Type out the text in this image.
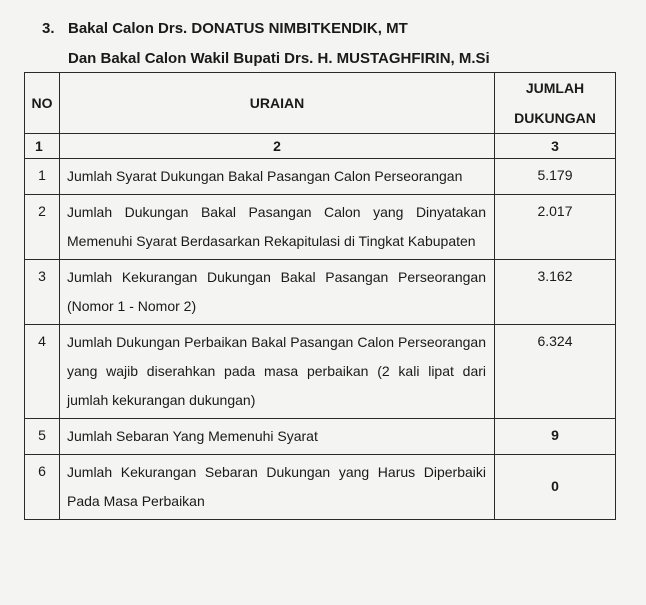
3. Bakal Calon Drs. DONATUS NIMBITKENDIK, MT
Dan Bakal Calon Wakil Bupati Drs. H. MUSTAGHFIRIN, M.Si
NO	URAIAN	JUMLAH
DUKUNGAN

1	2	3
1	Jumlah Syarat Dukungan Bakal Pasangan Calon Perseorangan	5.179
2	Jumlah Dukungan Bakal Pasangan Calon yang Dinyatakan Memenuhi Syarat Berdasarkan Rekapitulasi di Tingkat Kabupaten	2.017
3	Jumlah Kekurangan Dukungan Bakal Pasangan Perseorangan (Nomor 1 - Nomor 2)	3.162
4	Jumlah Dukungan Perbaikan Bakal Pasangan Calon Perseorangan yang wajib diserahkan pada masa perbaikan (2 kali lipat dari jumlah kekurangan dukungan)	6.324
5	Jumlah Sebaran Yang Memenuhi Syarat	9
6	Jumlah Kekurangan Sebaran Dukungan yang Harus Diperbaiki Pada Masa Perbaikan	0
